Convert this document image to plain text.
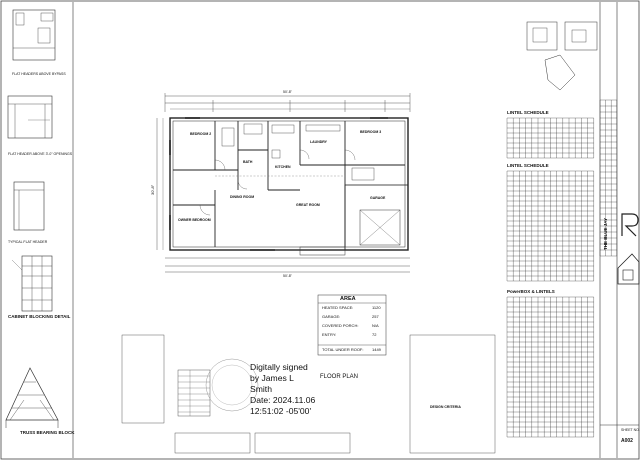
FLAT HEADERS ABOVE BYPASS
FLAT HEADER ABOVE 3'-0" OPENINGS
TYPICAL FLAT HEADER
CABINET BLOCKING DETAIL
TRUSS BEARING BLOCK
50'-8"
50'-8"
30'-8"
BEDROOM 2	BEDROOM 3
OWNER BEDROOM
DINING ROOM
GREAT ROOM
GARAGE
KITCHEN
BATH
LAUNDRY
AREA
HEATED SPACE:	1120
GARAGE:	257
COVERED PORCH:	N/A
ENTRY:	72
TOTAL UNDER ROOF: 1449
FLOOR PLAN
Digitally signed
by James L
Smith
Date: 2024.11.06
12:51:02 -05'00'
LINTEL SCHEDULE
LINTEL SCHEDULE
PowerBOX & LINTELS
DESIGN CRITERIA
THE BLUE JAY
SHEET NO.
A002
